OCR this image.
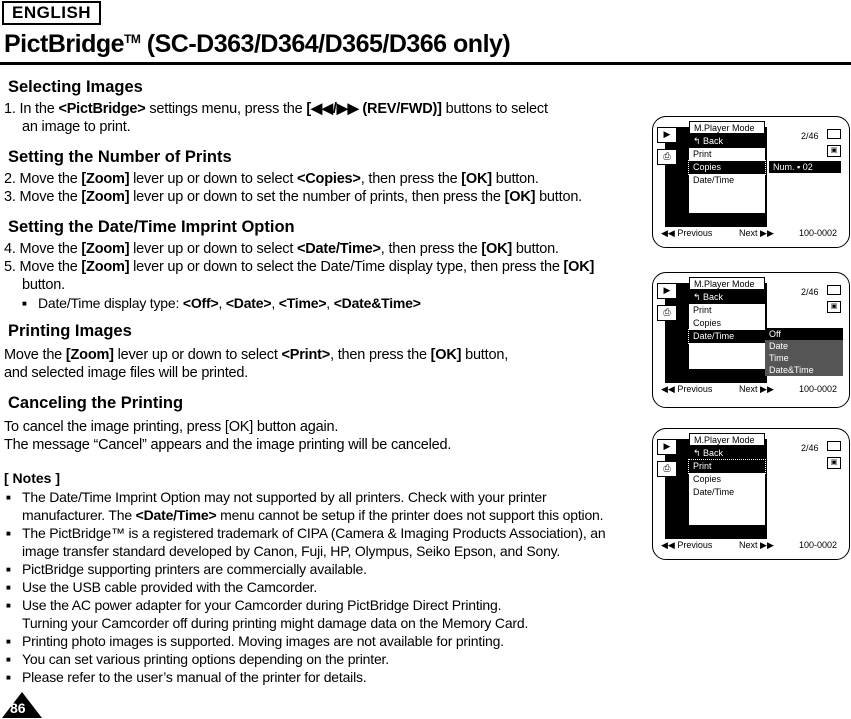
ENGLISH
PictBridge™ (SC-D363/D364/D365/D366 only)
Selecting Images
1. In the <PictBridge> settings menu, press the [◀◀/▶▶ (REV/FWD)] buttons to select
an image to print.
Setting the Number of Prints
2. Move the [Zoom] lever up or down to select <Copies>, then press the [OK] button.
3. Move the [Zoom] lever up or down to set the number of prints, then press the [OK] button.
Setting the Date/Time Imprint Option
4. Move the [Zoom] lever up or down to select <Date/Time>, then press the [OK] button.
5. Move the [Zoom] lever up or down to select the Date/Time display type, then press the [OK]
button.
■ Date/Time display type: <Off>, <Date>, <Time>, <Date&Time>
Printing Images
Move the [Zoom] lever up or down to select <Print>, then press the [OK] button,
and selected image files will be printed.
Canceling the Printing
To cancel the image printing, press [OK] button again.
The message “Cancel” appears and the image printing will be canceled.
[ Notes ]
■ The Date/Time Imprint Option may not supported by all printers. Check with your printer
manufacturer. The <Date/Time> menu cannot be setup if the printer does not support this option.
■ The PictBridge™ is a registered trademark of CIPA (Camera & Imaging Products Association), an
image transfer standard developed by Canon, Fuji, HP, Olympus, Seiko Epson, and Sony.
■ PictBridge supporting printers are commercially available.
■ Use the USB cable provided with the Camcorder.
■ Use the AC power adapter for your Camcorder during PictBridge Direct Printing.
Turning your Camcorder off during printing might damage data on the Memory Card.
■ Printing photo images is supported. Moving images are not available for printing.
■ You can set various printing options depending on the printer.
■ Please refer to the user’s manual of the printer for details.
▶
⎙
M.Player Mode
↰ Back
Print
Copies
Date/Time
Num. ▪ 02
2/46
▣
◀◀ Previous	Next ▶▶	100-0002
▶
⎙
M.Player Mode
↰ Back
Print
Copies
Date/Time	Off
Date
Time
Date&Time
2/46
▣
◀◀ Previous	Next ▶▶	100-0002
▶
⎙
M.Player Mode
↰ Back
Print
Copies
Date/Time
2/46
▣
◀◀ Previous	Next ▶▶	100-0002
86
